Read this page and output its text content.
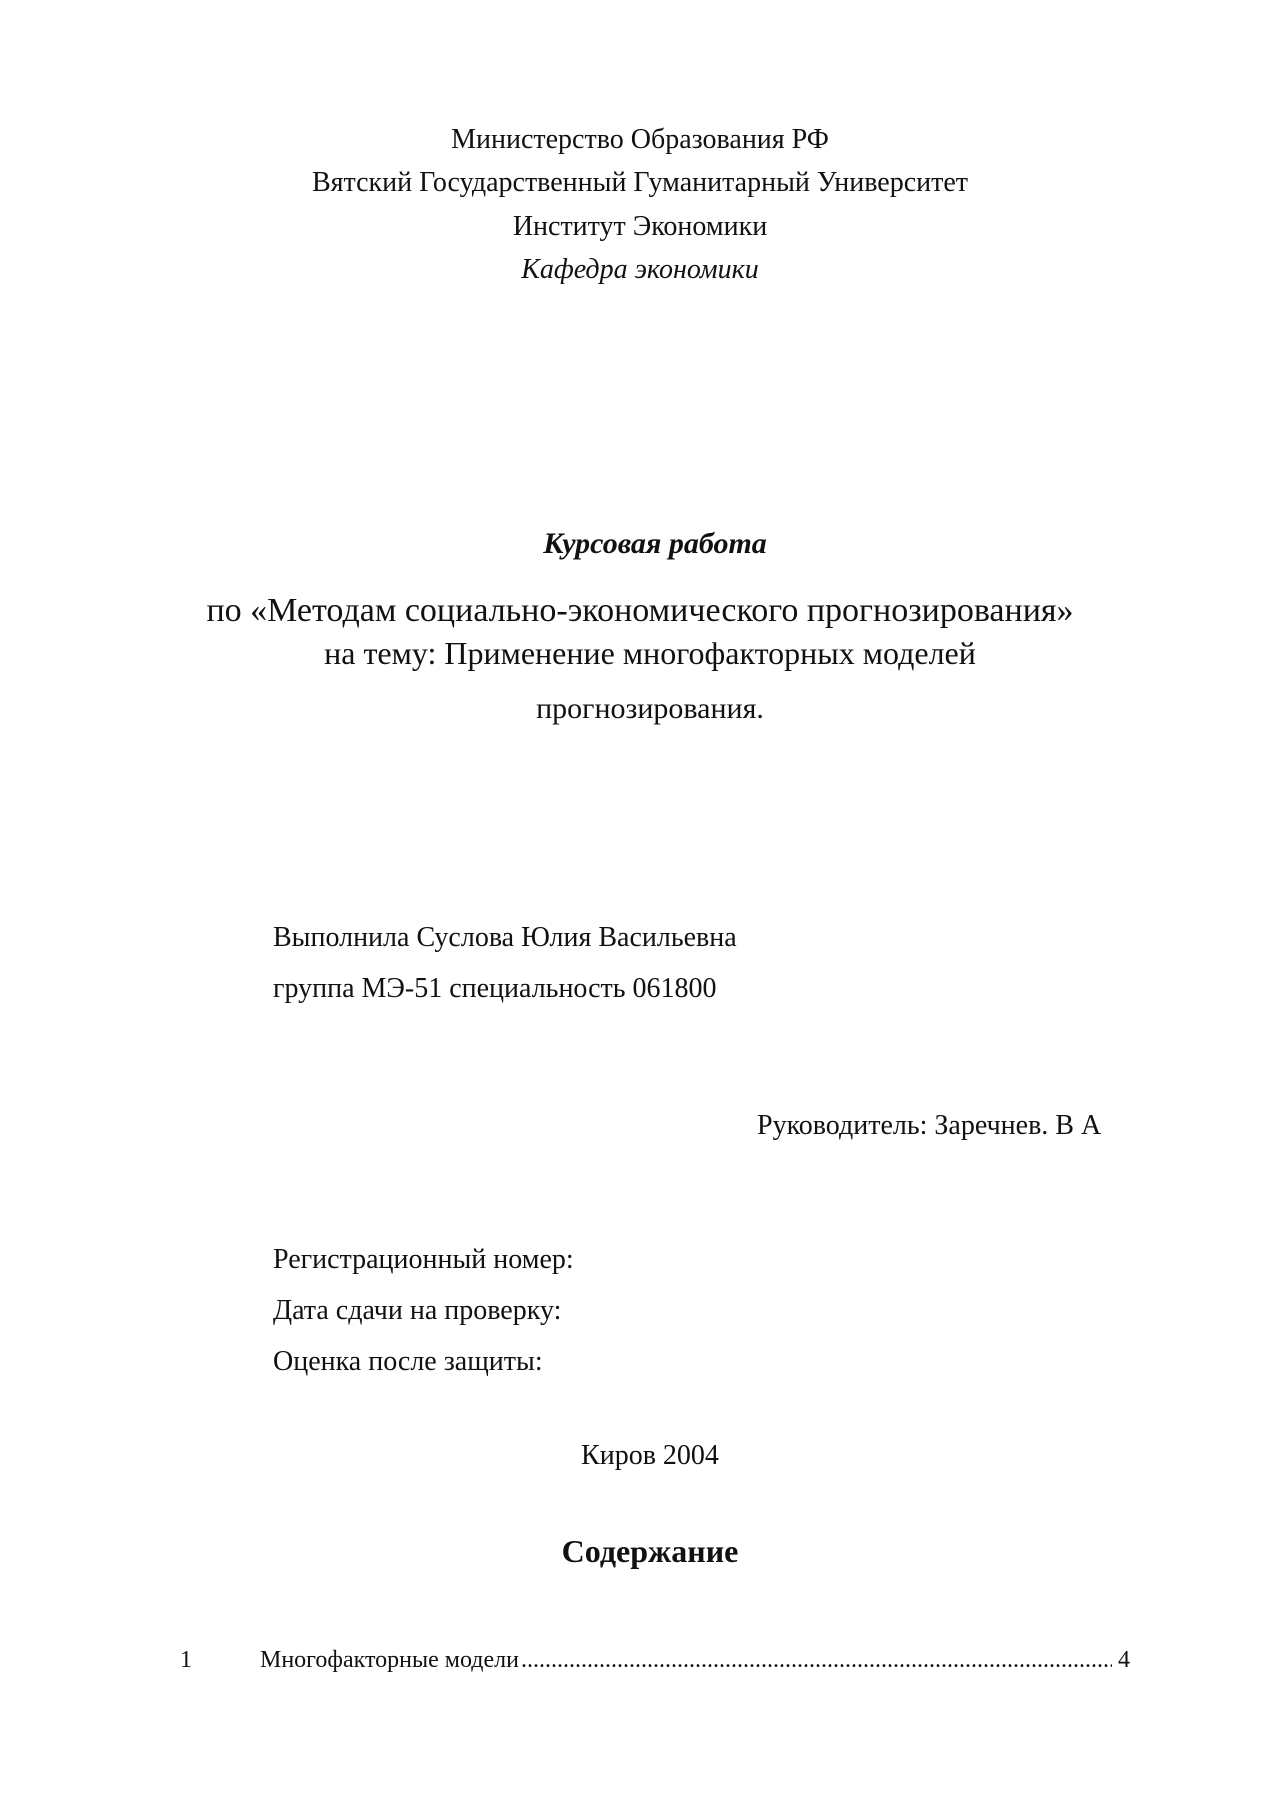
Министерство Образования РФ
Вятский Государственный Гуманитарный Университет
Институт Экономики
Кафедра экономики
Курсовая работа
по «Методам социально-экономического прогнозирования»
на тему: Применение многофакторных моделей
прогнозирования.
Выполнила Суслова Юлия Васильевна
группа МЭ-51 специальность 061800
Руководитель: Заречнев. В А
Регистрационный номер:
Дата сдачи на проверку:
Оценка после защиты:
Киров 2004
Содержание
1	Многофакторные модели
.....	4
